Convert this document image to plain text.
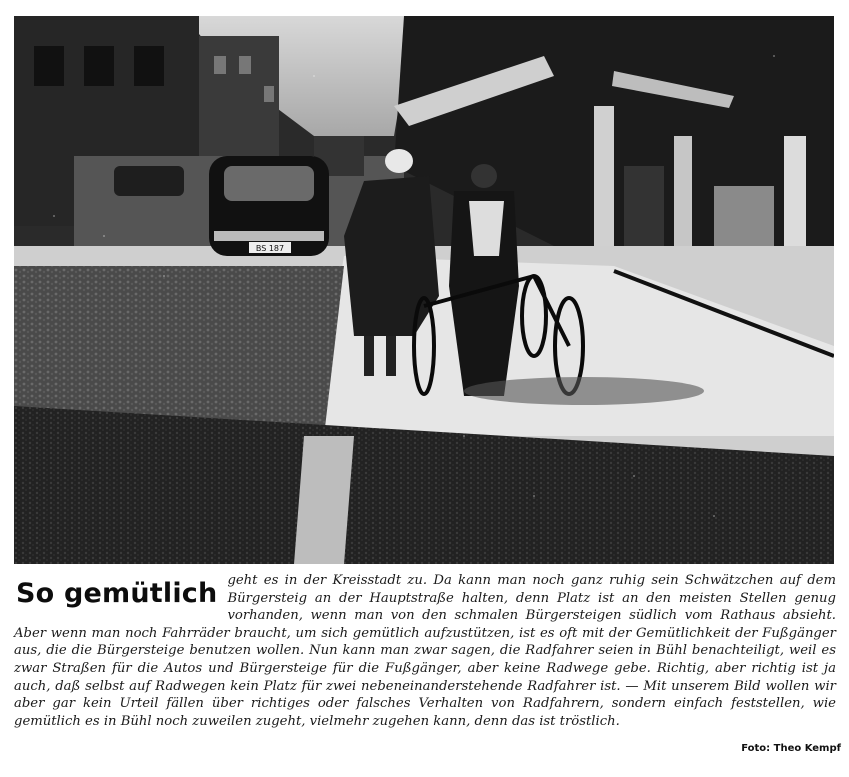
BS 187
So gemütlich geht es in der Kreisstadt zu. Da kann man noch ganz ruhig sein Schwätzchen auf dem Bürgersteig an der Hauptstraße halten, denn Platz ist an den meisten Stellen genug vorhanden, wenn man von den schmalen Bürgersteigen südlich vom Rathaus absieht. Aber wenn man noch Fahrräder braucht, um sich gemütlich aufzustützen, ist es oft mit der Gemütlichkeit der Fußgänger aus, die die Bürgersteige benutzen wollen. Nun kann man zwar sagen, die Radfahrer seien in Bühl benachteiligt, weil es zwar Straßen für die Autos und Bürgersteige für die Fußgänger, aber keine Radwege gebe. Richtig, aber richtig ist ja auch, daß selbst auf Radwegen kein Platz für zwei nebeneinanderstehende Radfahrer ist. — Mit unserem Bild wollen wir aber gar kein Urteil fällen über richtiges oder falsches Verhalten von Radfahrern, sondern einfach feststellen, wie gemütlich es in Bühl noch zuweilen zugeht, vielmehr zugehen kann, denn das ist tröstlich.

Foto: Theo Kempf
